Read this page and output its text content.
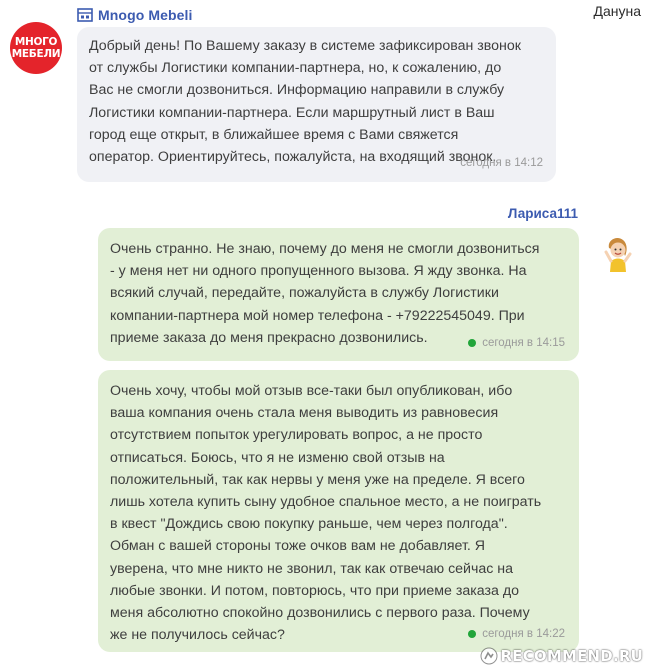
Mnogo Mebeli	Дануна
МНОГО
МЕБЕЛИ Добрый день! По Вашему заказу в системе зафиксирован звонок
от службы Логистики компании-партнера, но, к сожалению, до
Вас не смогли дозвониться. Информацию направили в службу
Логистики компании-партнера. Если маршрутный лист в Ваш
город еще открыт, в ближайшее время с Вами свяжется
оператор. Ориентируйтесь, пожалуйста, на входящий звонок.

сегодня в 14:12
Лариса111

Очень странно. Не знаю, почему до меня не смогли дозвониться
- у меня нет ни одного пропущенного вызова. Я жду звонка. На
всякий случай, передайте, пожалуйста в службу Логистики
компании-партнера мой номер телефона - +79222545049. При
приеме заказа до меня прекрасно дозвонились.	сегодня в 14:15

Очень хочу, чтобы мой отзыв все-таки был опубликован, ибо
ваша компания очень стала меня выводить из равновесия
отсутствием попыток урегулировать вопрос, а не просто
отписаться. Боюсь, что я не изменю свой отзыв на
положительный, так как нервы у меня уже на пределе. Я всего
лишь хотела купить сыну удобное спальное место, а не поиграть
в квест "Дождись свою покупку раньше, чем через полгода".
Обман с вашей стороны тоже очков вам не добавляет. Я
уверена, что мне никто не звонил, так как отвечаю сейчас на
любые звонки. И потом, повторюсь, что при приеме заказа до
меня абсолютно спокойно дозвонились с первого раза. Почему
же не получилось сейчас?	сегодня в 14:22
RECOMMEND.RU
